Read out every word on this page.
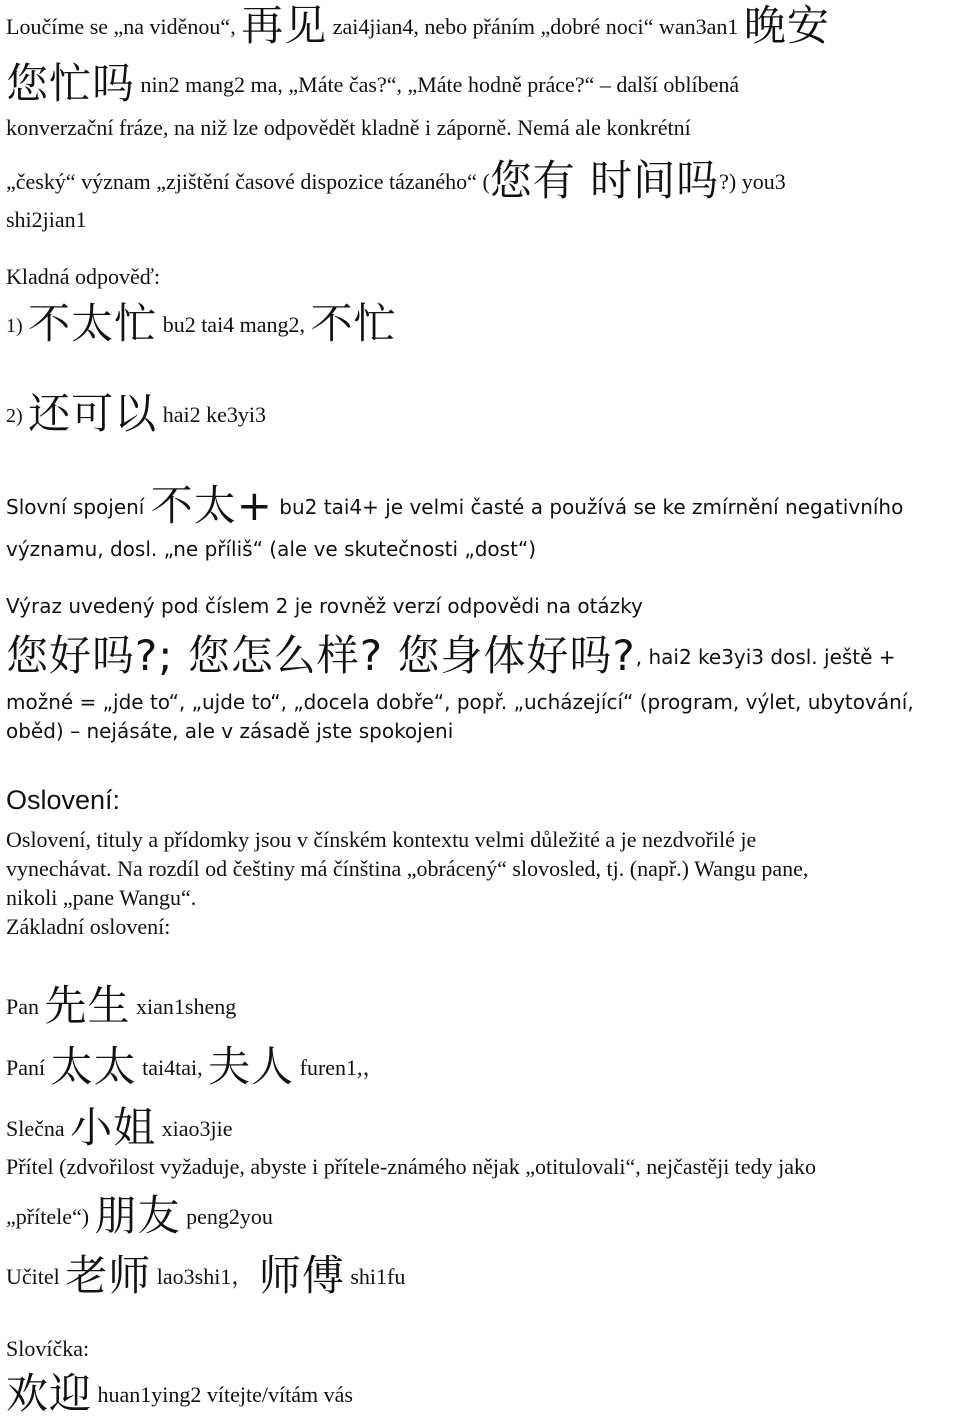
Loučíme se „na viděnou“, 再见 zai4jian4, nebo přáním „dobré noci“ wan3an1 晚安
您忙吗 nin2 mang2 ma, „Máte čas?“, „Máte hodně práce?“ – další oblíbená
konverzační fráze, na niž lze odpovědět kladně i záporně. Nemá ale konkrétní
„český“ význam „zjištění časové dispozice tázaného“ (您有 时间吗?) you3
shi2jian1
Kladná odpověď:
1) 不太忙 bu2 tai4 mang2, 不忙
2) 还可以 hai2 ke3yi3
Slovní spojení 不太+ bu2 tai4+ je velmi časté a používá se ke zmírnění negativního
významu, dosl. „ne příliš“ (ale ve skutečnosti „dost“)
Výraz uvedený pod číslem 2 je rovněž verzí odpovědi na otázky
您好吗?; 您怎么样? 您身体好吗?, hai2 ke3yi3 dosl. ještě +
možné = „jde to“, „ujde to“, „docela dobře“, popř. „ucházející“ (program, výlet, ubytování,
oběd) – nejásáte, ale v zásadě jste spokojeni
Oslovení:
Oslovení, tituly a přídomky jsou v čínském kontextu velmi důležité a je nezdvořilé je
vynechávat. Na rozdíl od češtiny má čínština „obrácený“ slovosled, tj. (např.) Wangu pane,
nikoli „pane Wangu“.
Základní oslovení:
Pan 先生 xian1sheng
Paní 太太 tai4tai, 夫人 furen1,，
Slečna 小姐 xiao3jie
Přítel (zdvořilost vyžaduje, abyste i přítele-známého nějak „otitulovali“, nejčastěji tedy jako
„přítele“) 朋友 peng2you
Učitel 老师 lao3shi1， 师傅 shi1fu
Slovíčka:
欢迎 huan1ying2 vítejte/vítám vás
